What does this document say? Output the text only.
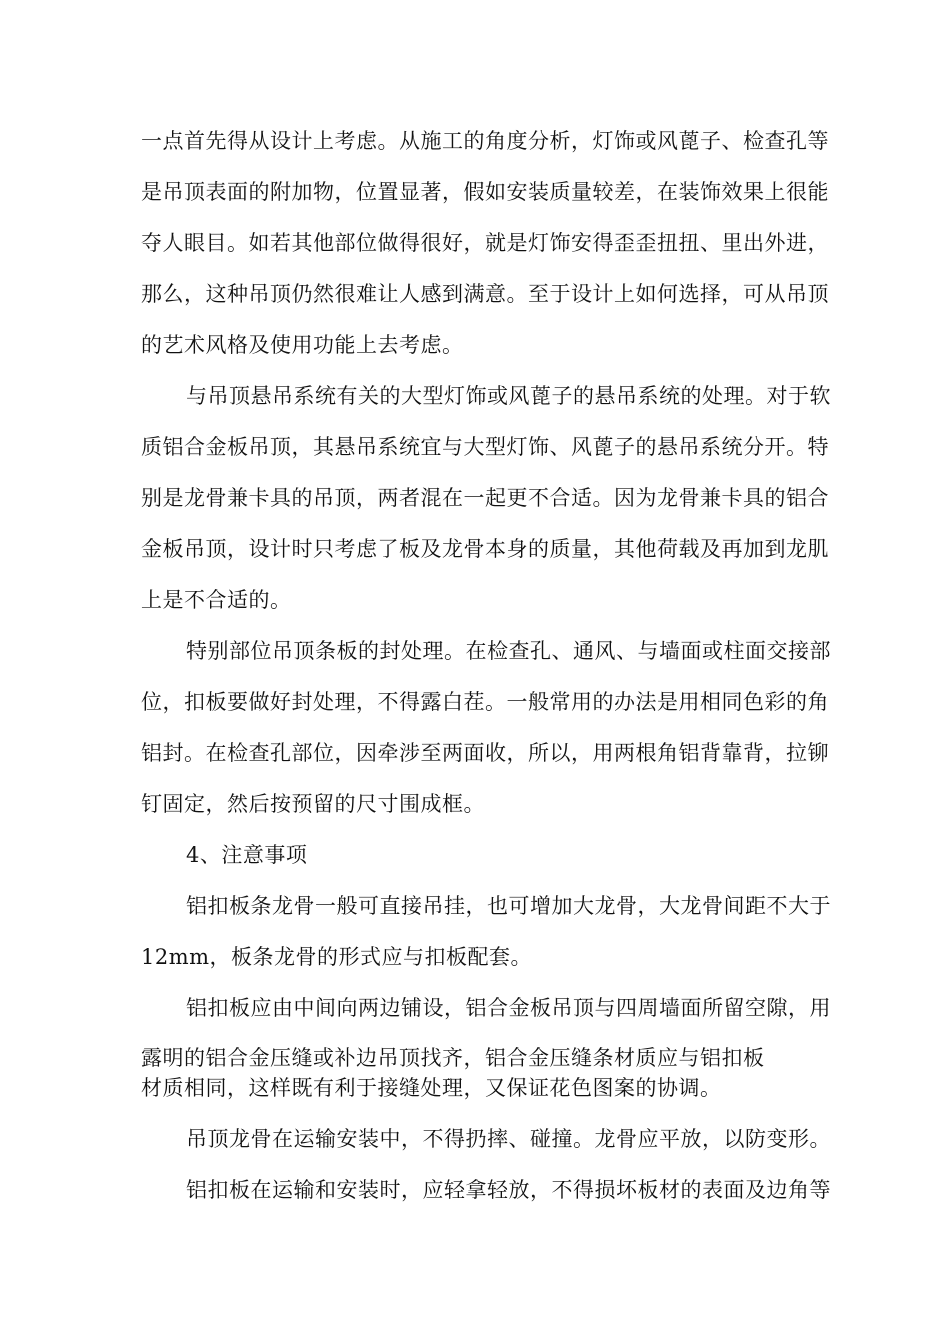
一点首先得从设计上考虑。从施工的角度分析，灯饰或风蓖子、检查孔等
是吊顶表面的附加物，位置显著，假如安装质量较差，在装饰效果上很能
夺人眼目。如若其他部位做得很好，就是灯饰安得歪歪扭扭、里出外进，
那么，这种吊顶仍然很难让人感到满意。至于设计上如何选择，可从吊顶
的艺术风格及使用功能上去考虑。
与吊顶悬吊系统有关的大型灯饰或风蓖子的悬吊系统的处理。对于软
质铝合金板吊顶，其悬吊系统宜与大型灯饰、风蓖子的悬吊系统分开。特
别是龙骨兼卡具的吊顶，两者混在一起更不合适。因为龙骨兼卡具的铝合
金板吊顶，设计时只考虑了板及龙骨本身的质量，其他荷载及再加到龙肌
上是不合适的。
特别部位吊顶条板的封处理。在检查孔、通风、与墙面或柱面交接部
位，扣板要做好封处理，不得露白茬。一般常用的办法是用相同色彩的角
铝封。在检查孔部位，因牵涉至两面收，所以，用两根角铝背靠背，拉铆
钉固定，然后按预留的尺寸围成框。
4、注意事项
铝扣板条龙骨一般可直接吊挂，也可增加大龙骨，大龙骨间距不大于
12mm，板条龙骨的形式应与扣板配套。
铝扣板应由中间向两边铺设，铝合金板吊顶与四周墙面所留空隙，用
露明的铝合金压缝或补边吊顶找齐，铝合金压缝条材质应与铝扣板
材质相同，这样既有利于接缝处理，又保证花色图案的协调。
吊顶龙骨在运输安装中，不得扔摔、碰撞。龙骨应平放，以防变形。
铝扣板在运输和安装时，应轻拿轻放，不得损坏板材的表面及边角等
